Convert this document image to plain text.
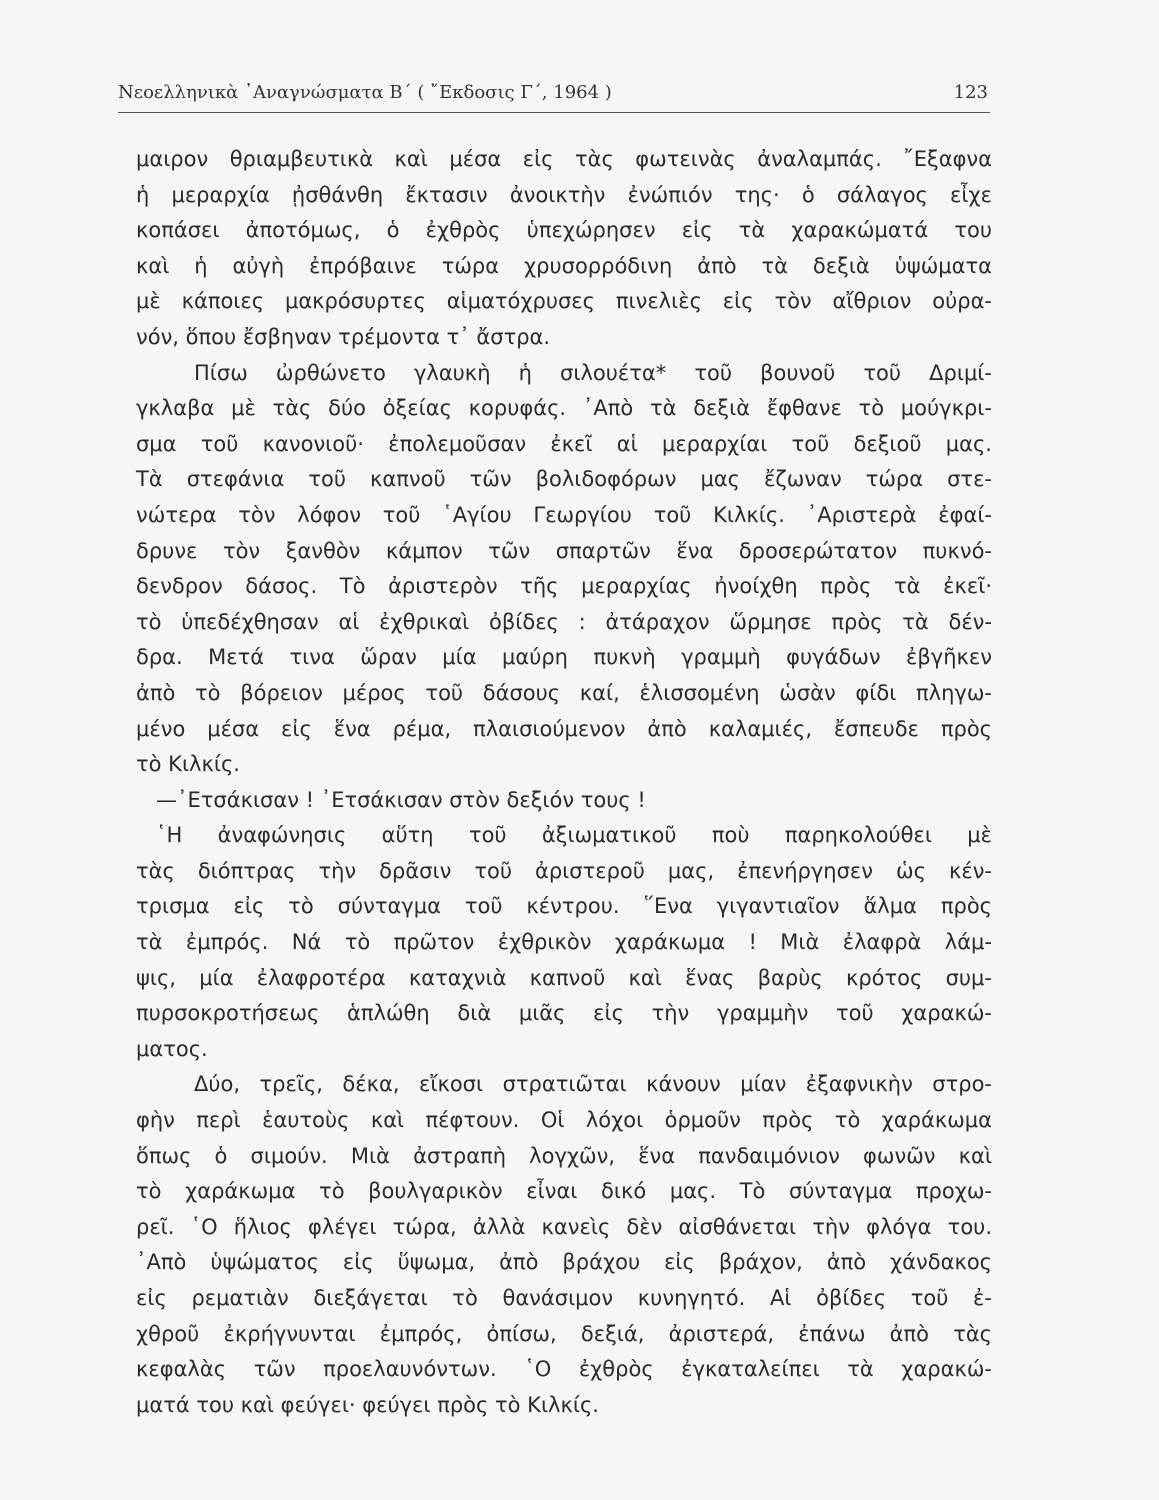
Νεοελληνικὰ ᾿Αναγνώσματα Β΄ ( ῎Εκδοσις Γ΄, 1964 )	123
μαιρον θριαμβευτικὰ καὶ μέσα εἰς τὰς φωτεινὰς ἀναλαμπάς. ῎Εξαφνα
ἡ μεραρχία ᾐσθάνθη ἔκτασιν ἀνοικτὴν ἐνώπιόν της· ὁ σάλαγος εἶχε
κοπάσει ἀποτόμως, ὁ ἐχθρὸς ὑπεχώρησεν εἰς τὰ χαρακώματά του
καὶ ἡ αὐγὴ ἐπρόβαινε τώρα χρυσορρόδινη ἀπὸ τὰ δεξιὰ ὑψώματα
μὲ κάποιες μακρόσυρτες αἱματόχρυσες πινελιὲς εἰς τὸν αἴθριον οὐρα-
νόν, ὅπου ἔσβηναν τρέμοντα τ᾿ ἄστρα.
Πίσω ὠρθώνετο γλαυκὴ ἡ σιλουέτα* τοῦ βουνοῦ τοῦ Δριμί-
γκλαβα μὲ τὰς δύο ὀξείας κορυφάς. ᾿Απὸ τὰ δεξιὰ ἔφθανε τὸ μούγκρι-
σμα τοῦ κανονιοῦ· ἐπολεμοῦσαν ἐκεῖ αἱ μεραρχίαι τοῦ δεξιοῦ μας.
Τὰ στεφάνια τοῦ καπνοῦ τῶν βολιδοφόρων μας ἔζωναν τώρα στε-
νώτερα τὸν λόφον τοῦ ῾Αγίου Γεωργίου τοῦ Κιλκίς. ᾿Αριστερὰ ἐφαί-
δρυνε τὸν ξανθὸν κάμπον τῶν σπαρτῶν ἕνα δροσερώτατον πυκνό-
δενδρον δάσος. Τὸ ἀριστερὸν τῆς μεραρχίας ἠνοίχθη πρὸς τὰ ἐκεῖ·
τὸ ὑπεδέχθησαν αἱ ἐχθρικαὶ ὀβίδες : ἀτάραχον ὥρμησε πρὸς τὰ δέν-
δρα. Μετά τινα ὥραν μία μαύρη πυκνὴ γραμμὴ φυγάδων ἐβγῆκεν
ἀπὸ τὸ βόρειον μέρος τοῦ δάσους καί, ἑλισσομένη ὡσὰν φίδι πληγω-
μένο μέσα εἰς ἕνα ρέμα, πλαισιούμενον ἀπὸ καλαμιές, ἔσπευδε πρὸς
τὸ Κιλκίς.
—᾿Ετσάκισαν ! ᾿Ετσάκισαν στὸν δεξιόν τους !
῾Η ἀναφώνησις αὕτη τοῦ ἀξιωματικοῦ ποὺ παρηκολούθει μὲ
τὰς διόπτρας τὴν δρᾶσιν τοῦ ἀριστεροῦ μας, ἐπενήργησεν ὡς κέν-
τρισμα εἰς τὸ σύνταγμα τοῦ κέντρου. ῞Ενα γιγαντιαῖον ἅλμα πρὸς
τὰ ἐμπρός. Νά τὸ πρῶτον ἐχθρικὸν χαράκωμα ! Μιὰ ἐλαφρὰ λάμ-
ψις, μία ἐλαφροτέρα καταχνιὰ καπνοῦ καὶ ἕνας βαρὺς κρότος συμ-
πυρσοκροτήσεως ἁπλώθη διὰ μιᾶς εἰς τὴν γραμμὴν τοῦ χαρακώ-
ματος.
Δύο, τρεῖς, δέκα, εἴκοσι στρατιῶται κάνουν μίαν ἐξαφνικὴν στρο-
φὴν περὶ ἑαυτοὺς καὶ πέφτουν. Οἱ λόχοι ὁρμοῦν πρὸς τὸ χαράκωμα
ὅπως ὁ σιμούν. Μιὰ ἀστραπὴ λογχῶν, ἕνα πανδαιμόνιον φωνῶν καὶ
τὸ χαράκωμα τὸ βουλγαρικὸν εἶναι δικό μας. Τὸ σύνταγμα προχω-
ρεῖ. ῾Ο ἥλιος φλέγει τώρα, ἀλλὰ κανεὶς δὲν αἰσθάνεται τὴν φλόγα του.
᾿Απὸ ὑψώματος εἰς ὕψωμα, ἀπὸ βράχου εἰς βράχον, ἀπὸ χάνδακος
εἰς ρεματιὰν διεξάγεται τὸ θανάσιμον κυνηγητό. Αἱ ὀβίδες τοῦ ἐ-
χθροῦ ἐκρήγνυνται ἐμπρός, ὀπίσω, δεξιά, ἀριστερά, ἐπάνω ἀπὸ τὰς
κεφαλὰς τῶν προελαυνόντων. ῾Ο ἐχθρὸς ἐγκαταλείπει τὰ χαρακώ-
ματά του καὶ φεύγει· φεύγει πρὸς τὸ Κιλκίς.
